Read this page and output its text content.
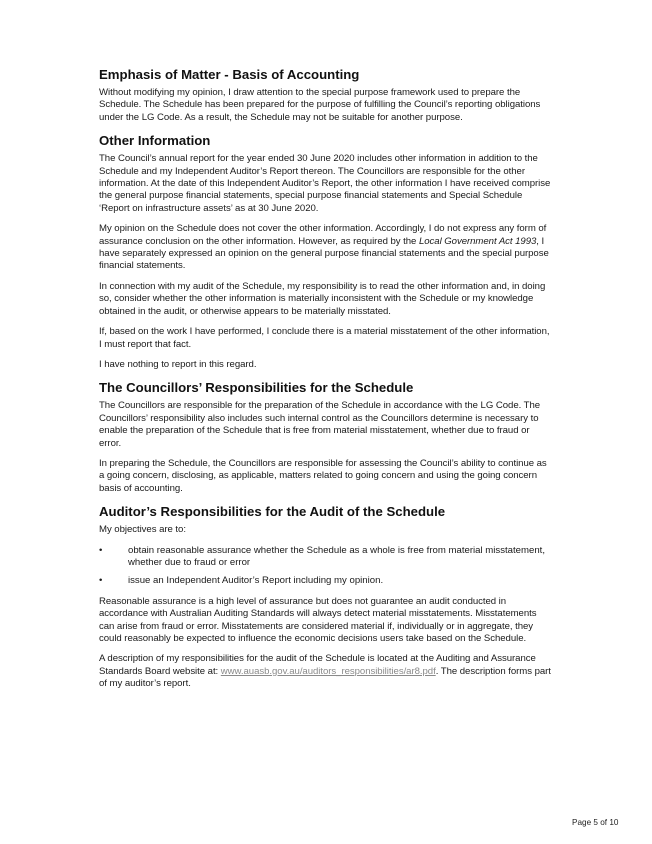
Emphasis of Matter - Basis of Accounting

Without modifying my opinion, I draw attention to the special purpose framework used to prepare the Schedule. The Schedule has been prepared for the purpose of fulfilling the Council’s reporting obligations under the LG Code. As a result, the Schedule may not be suitable for another purpose.

Other Information

The Council’s annual report for the year ended 30 June 2020 includes other information in addition to the Schedule and my Independent Auditor’s Report thereon. The Councillors are responsible for the other information. At the date of this Independent Auditor’s Report, the other information I have received comprise the general purpose financial statements, special purpose financial statements and Special Schedule ‘Report on infrastructure assets’ as at 30 June 2020.

My opinion on the Schedule does not cover the other information. Accordingly, I do not express any form of assurance conclusion on the other information. However, as required by the Local Government Act 1993, I have separately expressed an opinion on the general purpose financial statements and the special purpose financial statements.

In connection with my audit of the Schedule, my responsibility is to read the other information and, in doing so, consider whether the other information is materially inconsistent with the Schedule or my knowledge obtained in the audit, or otherwise appears to be materially misstated.

If, based on the work I have performed, I conclude there is a material misstatement of the other information, I must report that fact.

I have nothing to report in this regard.

The Councillors’ Responsibilities for the Schedule

The Councillors are responsible for the preparation of the Schedule in accordance with the LG Code. The Councillors’ responsibility also includes such internal control as the Councillors determine is necessary to enable the preparation of the Schedule that is free from material misstatement, whether due to fraud or error.

In preparing the Schedule, the Councillors are responsible for assessing the Council’s ability to continue as a going concern, disclosing, as applicable, matters related to going concern and using the going concern basis of accounting.

Auditor’s Responsibilities for the Audit of the Schedule

My objectives are to:

•	obtain reasonable assurance whether the Schedule as a whole is free from material misstatement, whether due to fraud or error
•	issue an Independent Auditor’s Report including my opinion.

Reasonable assurance is a high level of assurance but does not guarantee an audit conducted in accordance with Australian Auditing Standards will always detect material misstatements. Misstatements can arise from fraud or error. Misstatements are considered material if, individually or in aggregate, they could reasonably be expected to influence the economic decisions users take based on the Schedule.

A description of my responsibilities for the audit of the Schedule is located at the Auditing and Assurance Standards Board website at: www.auasb.gov.au/auditors_responsibilities/ar8.pdf. The description forms part of my auditor’s report.

Page 5 of 10
